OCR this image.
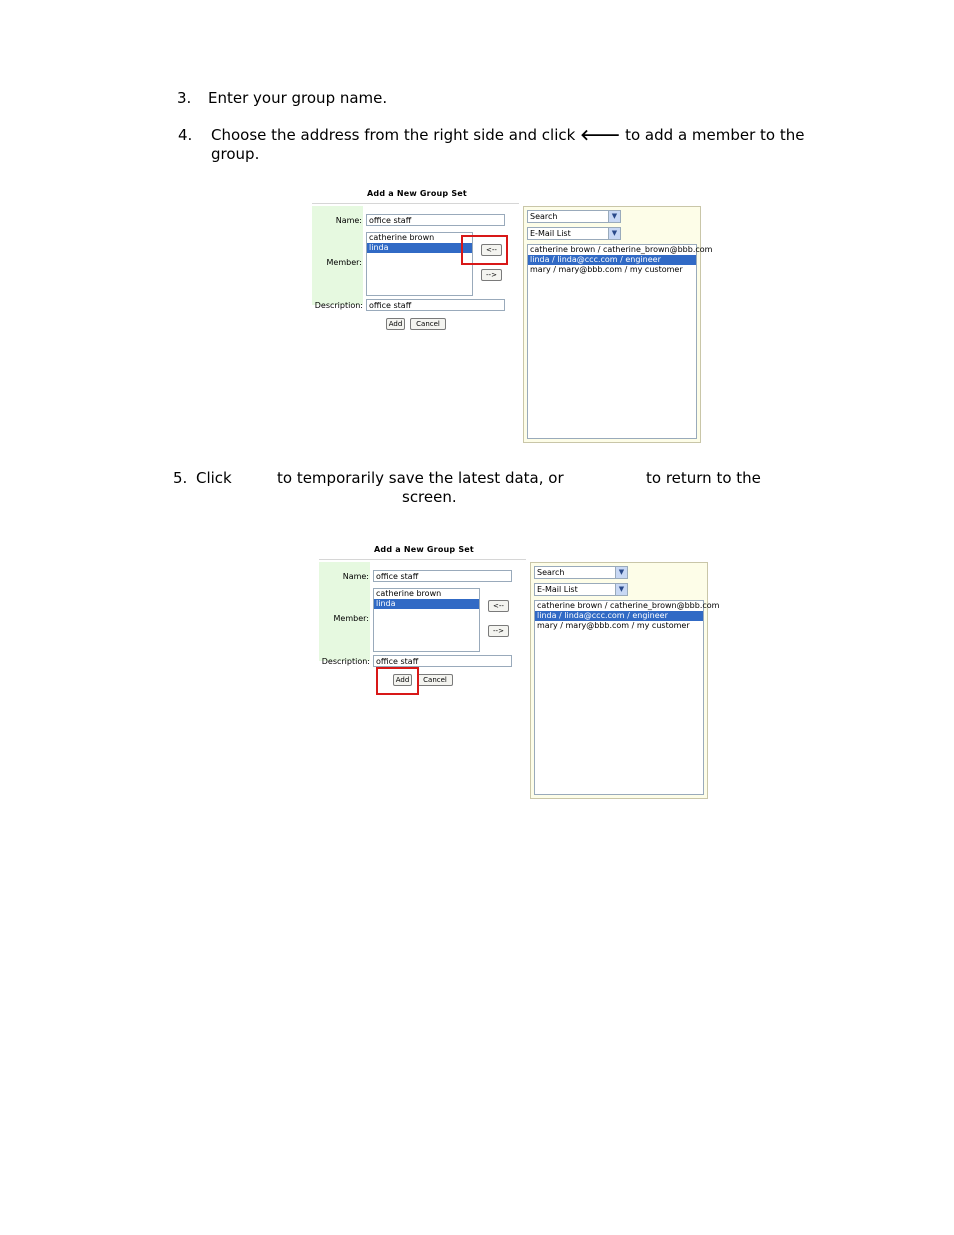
3. Enter your group name.
4. Choose the address from the right side and click 🡐 to add a member to the
group.
Add a New Group Set
Name: office staff
Member:
catherine brown
linda	<--
-->
Description: office staff
Add	Cancel
Search	▼
E-Mail List	▼
catherine brown / catherine_brown@bbb.com
linda / linda@ccc.com / engineer
mary / mary@bbb.com / my customer
5. Click	to temporarily save the latest data, or	to return to the
screen.
Add a New Group Set
Name: office staff
Member:
catherine brown
linda	<--
-->
Description: office staff
Add	Cancel
Search	▼
E-Mail List	▼
catherine brown / catherine_brown@bbb.com
linda / linda@ccc.com / engineer
mary / mary@bbb.com / my customer
